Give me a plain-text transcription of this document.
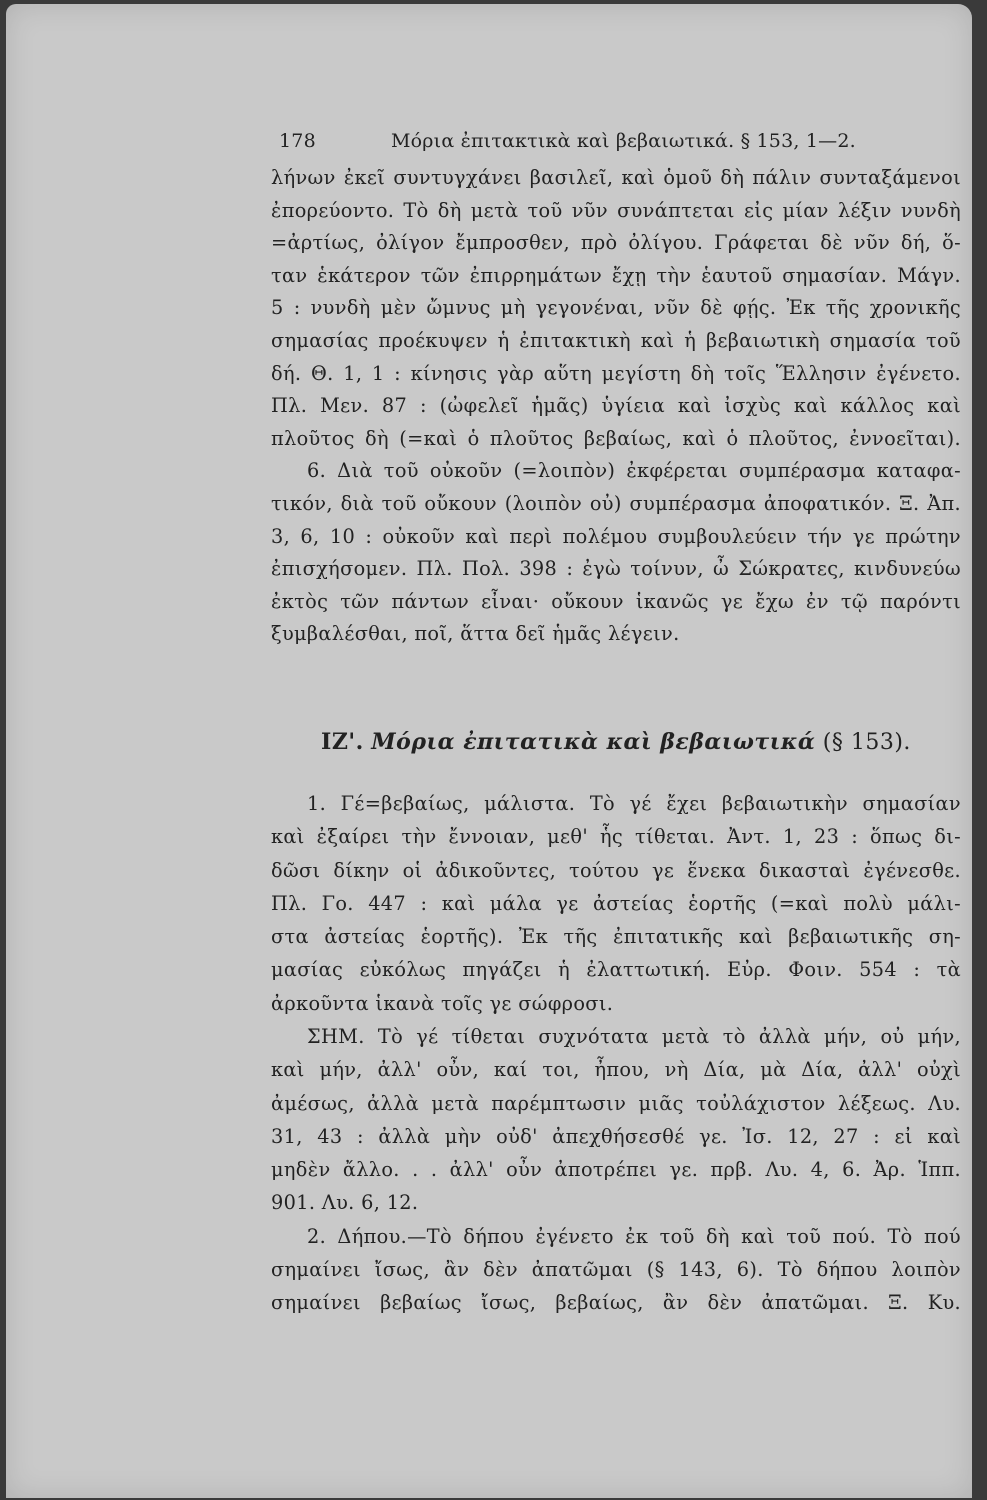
178	Μόρια ἐπιτακτικὰ καὶ βεβαιωτικά. § 153, 1—2.

λήνων ἐκεῖ συντυγχάνει βασιλεῖ, καὶ ὁμοῦ δὴ πάλιν συνταξάμενοι

ἐπορεύοντο. Τὸ δὴ μετὰ τοῦ νῦν συνάπτεται εἰς μίαν λέξιν νυνδὴ

=ἀρτίως, ὀλίγον ἔμπροσθεν, πρὸ ὀλίγου. Γράφεται δὲ νῦν δή, ὅ-

ταν ἑκάτερον τῶν ἐπιρρημάτων ἔχῃ τὴν ἑαυτοῦ σημασίαν. Μάγν.

5 : νυνδὴ μὲν ὤμνυς μὴ γεγονέναι, νῦν δὲ φῄς. Ἐκ τῆς χρονικῆς

σημασίας προέκυψεν ἡ ἐπιτακτικὴ καὶ ἡ βεβαιωτικὴ σημασία τοῦ

δή. Θ. 1, 1 : κίνησις γὰρ αὕτη μεγίστη δὴ τοῖς Ἕλλησιν ἐγένετο.

Πλ. Μεν. 87 : (ὠφελεῖ ἡμᾶς) ὑγίεια καὶ ἰσχὺς καὶ κάλλος καὶ

πλοῦτος δὴ (=καὶ ὁ πλοῦτος βεβαίως, καὶ ὁ πλοῦτος, ἐννοεῖται).

6. Διὰ τοῦ οὐκοῦν (=λοιπὸν) ἐκφέρεται συμπέρασμα καταφα-

τικόν, διὰ τοῦ οὔκουν (λοιπὸν οὐ) συμπέρασμα ἀποφατικόν. Ξ. Ἀπ.

3, 6, 10 : οὐκοῦν καὶ περὶ πολέμου συμβουλεύειν τήν γε πρώτην

ἐπισχήσομεν. Πλ. Πολ. 398 : ἐγὼ τοίνυν, ὦ Σώκρατες, κινδυνεύω

ἐκτὸς τῶν πάντων εἶναι· οὔκουν ἱκανῶς γε ἔχω ἐν τῷ παρόντι

ξυμβαλέσθαι, ποῖ, ἅττα δεῖ ἡμᾶς λέγειν.

ΙΖ'. Μόρια ἐπιτατικὰ καὶ βεβαιωτικά (§ 153).

1. Γέ=βεβαίως, μάλιστα. Τὸ γέ ἔχει βεβαιωτικὴν σημασίαν

καὶ ἐξαίρει τὴν ἔννοιαν, μεθ' ἧς τίθεται. Ἀντ. 1, 23 : ὅπως δι-

δῶσι δίκην οἱ ἀδικοῦντες, τούτου γε ἕνεκα δικασταὶ ἐγένεσθε.

Πλ. Γο. 447 : καὶ μάλα γε ἀστείας ἑορτῆς (=καὶ πολὺ μάλι-

στα ἀστείας ἑορτῆς). Ἐκ τῆς ἐπιτατικῆς καὶ βεβαιωτικῆς ση-

μασίας εὐκόλως πηγάζει ἡ ἐλαττωτική. Εὐρ. Φοιν. 554 : τὰ

ἀρκοῦντα ἱκανὰ τοῖς γε σώφροσι.

ΣΗΜ. Τὸ γέ τίθεται συχνότατα μετὰ τὸ ἀλλὰ μήν, οὐ μήν,

καὶ μήν, ἀλλ' οὖν, καί τοι, ἦπου, νὴ Δία, μὰ Δία, ἀλλ' οὐχὶ

ἀμέσως, ἀλλὰ μετὰ παρέμπτωσιν μιᾶς τοὐλάχιστον λέξεως. Λυ.

31, 43 : ἀλλὰ μὴν οὐδ' ἀπεχθήσεσθέ γε. Ἰσ. 12, 27 : εἰ καὶ

μηδὲν ἄλλο. . . ἀλλ' οὖν ἀποτρέπει γε. πρβ. Λυ. 4, 6. Ἀρ. Ἱππ.

901. Λυ. 6, 12.

2. Δήπου.—Τὸ δήπου ἐγένετο ἐκ τοῦ δὴ καὶ τοῦ πού. Τὸ πού

σημαίνει ἴσως, ἂν δὲν ἀπατῶμαι (§ 143, 6). Τὸ δήπου λοιπὸν

σημαίνει βεβαίως ἴσως, βεβαίως, ἂν δὲν ἀπατῶμαι. Ξ. Κυ.
